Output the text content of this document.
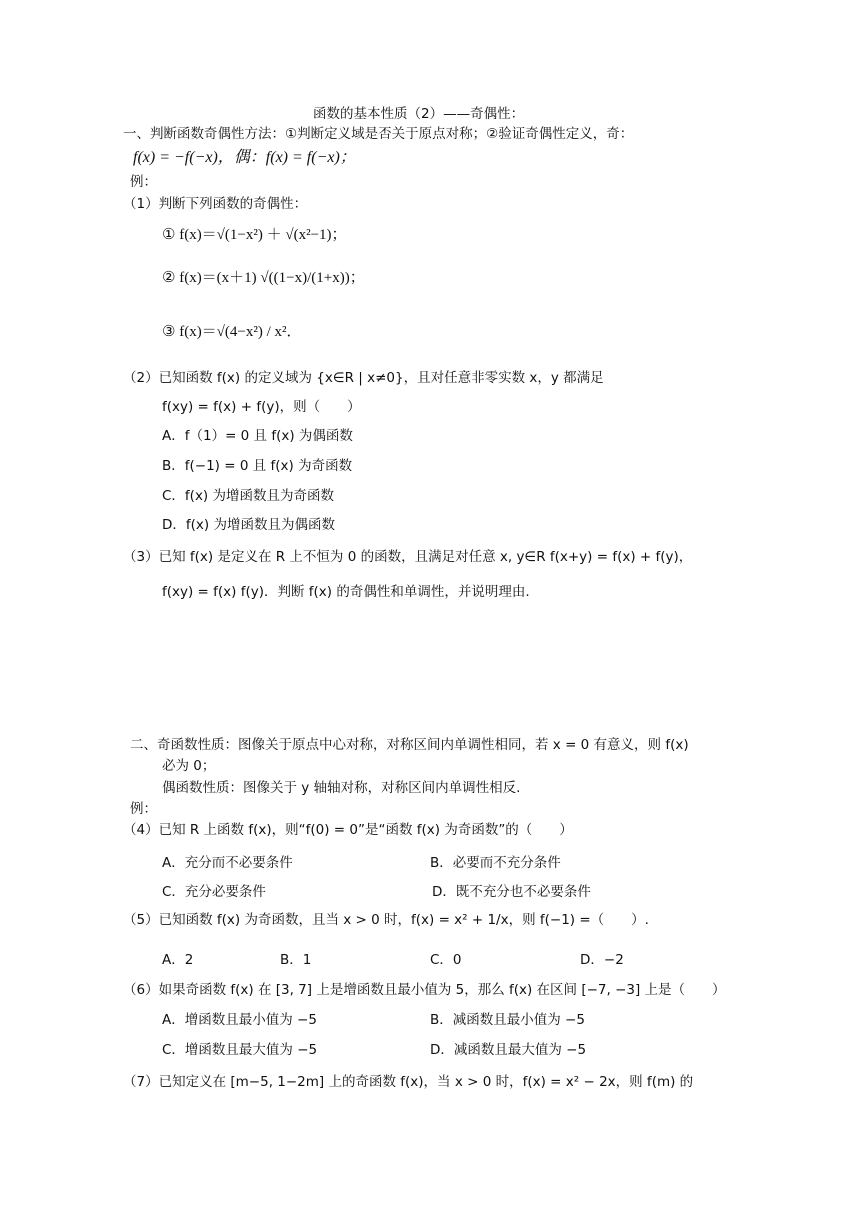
函数的基本性质（2）——奇偶性：
一、判断函数奇偶性方法：①判断定义域是否关于原点对称；②验证奇偶性定义，奇：
f(x) = −f(−x)，偶：f(x) = f(−x)；
例：
（1）判断下列函数的奇偶性：
① f(x)＝√(1−x²) ＋ √(x²−1)；
② f(x)＝(x＋1) √((1−x)/(1+x))；
③ f(x)＝√(4−x²) / x²．
（2）已知函数 f(x) 的定义域为 {x∈R | x≠0}，且对任意非零实数 x，y 都满足
f(xy) = f(x) + f(y)，则（　　）
A．f（1）= 0 且 f(x) 为偶函数
B．f(−1) = 0 且 f(x) 为奇函数
C．f(x) 为增函数且为奇函数
D．f(x) 为增函数且为偶函数
（3）已知 f(x) 是定义在 R 上不恒为 0 的函数，且满足对任意 x, y∈R f(x+y) = f(x) + f(y)，
f(xy) = f(x) f(y)．判断 f(x) 的奇偶性和单调性，并说明理由.
二、奇函数性质：图像关于原点中心对称，对称区间内单调性相同，若 x = 0 有意义，则 f(x)
必为 0；
偶函数性质：图像关于 y 轴轴对称，对称区间内单调性相反.
例：
（4）已知 R 上函数 f(x)，则“f(0) = 0”是“函数 f(x) 为奇函数”的（　　）
A．充分而不必要条件	B．必要而不充分条件
C．充分必要条件	D．既不充分也不必要条件
（5）已知函数 f(x) 为奇函数，且当 x > 0 时，f(x) = x² + 1/x，则 f(−1) =（　　）.
A．2	B．1	C．0	D．−2
（6）如果奇函数 f(x) 在 [3, 7] 上是增函数且最小值为 5，那么 f(x) 在区间 [−7, −3] 上是（　　）
A．增函数且最小值为 −5	B．减函数且最小值为 −5
C．增函数且最大值为 −5	D．减函数且最大值为 −5
（7）已知定义在 [m−5, 1−2m] 上的奇函数 f(x)，当 x > 0 时，f(x) = x² − 2x，则 f(m) 的
